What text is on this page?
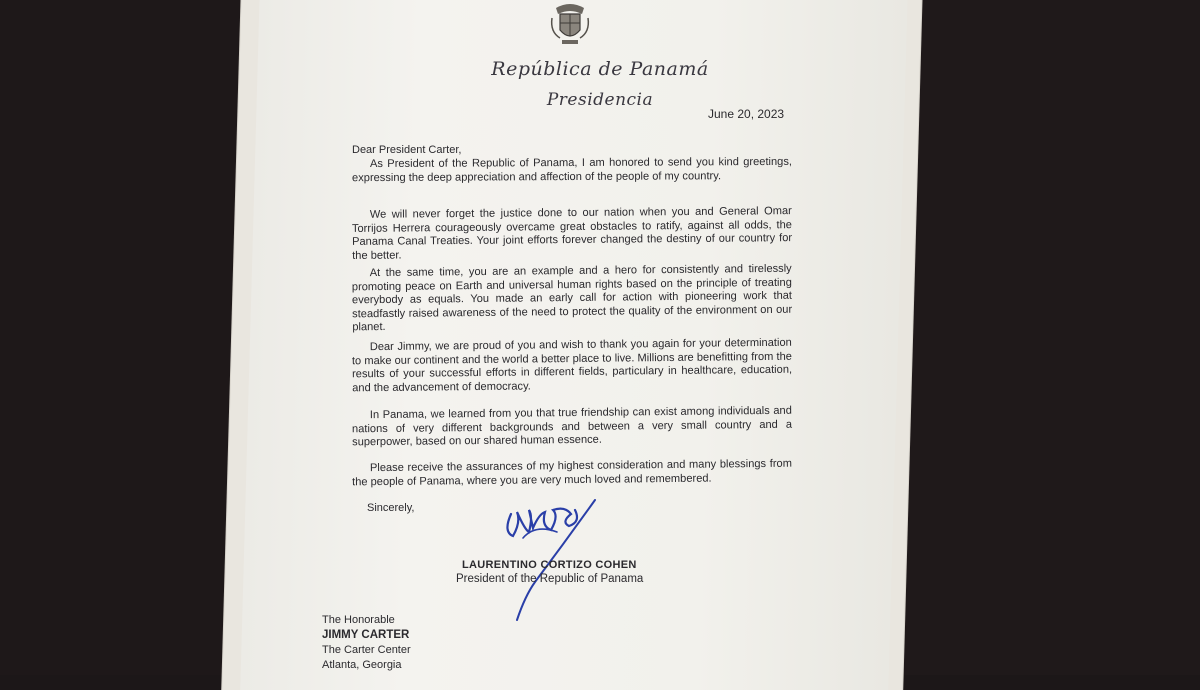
República de Panamá
Presidencia
June 20, 2023
Dear President Carter,
As President of the Republic of Panama, I am honored to send you kind greetings, expressing the deep appreciation and affection of the people of my country.
We will never forget the justice done to our nation when you and General Omar Torrijos Herrera courageously overcame great obstacles to ratify, against all odds, the Panama Canal Treaties. Your joint efforts forever changed the destiny of our country for the better.
At the same time, you are an example and a hero for consistently and tirelessly promoting peace on Earth and universal human rights based on the principle of treating everybody as equals. You made an early call for action with pioneering work that steadfastly raised awareness of the need to protect the quality of the environment on our planet.
Dear Jimmy, we are proud of you and wish to thank you again for your determination to make our continent and the world a better place to live. Millions are benefitting from the results of your successful efforts in different fields, particulary in healthcare, education, and the advancement of democracy.
In Panama, we learned from you that true friendship can exist among individuals and nations of very different backgrounds and between a very small country and a superpower, based on our shared human essence.
Please receive the assurances of my highest consideration and many blessings from the people of Panama, where you are very much loved and remembered.
Sincerely,
LAURENTINO CORTIZO COHEN
President of the Republic of Panama
The Honorable
JIMMY CARTER
The Carter Center
Atlanta, Georgia
